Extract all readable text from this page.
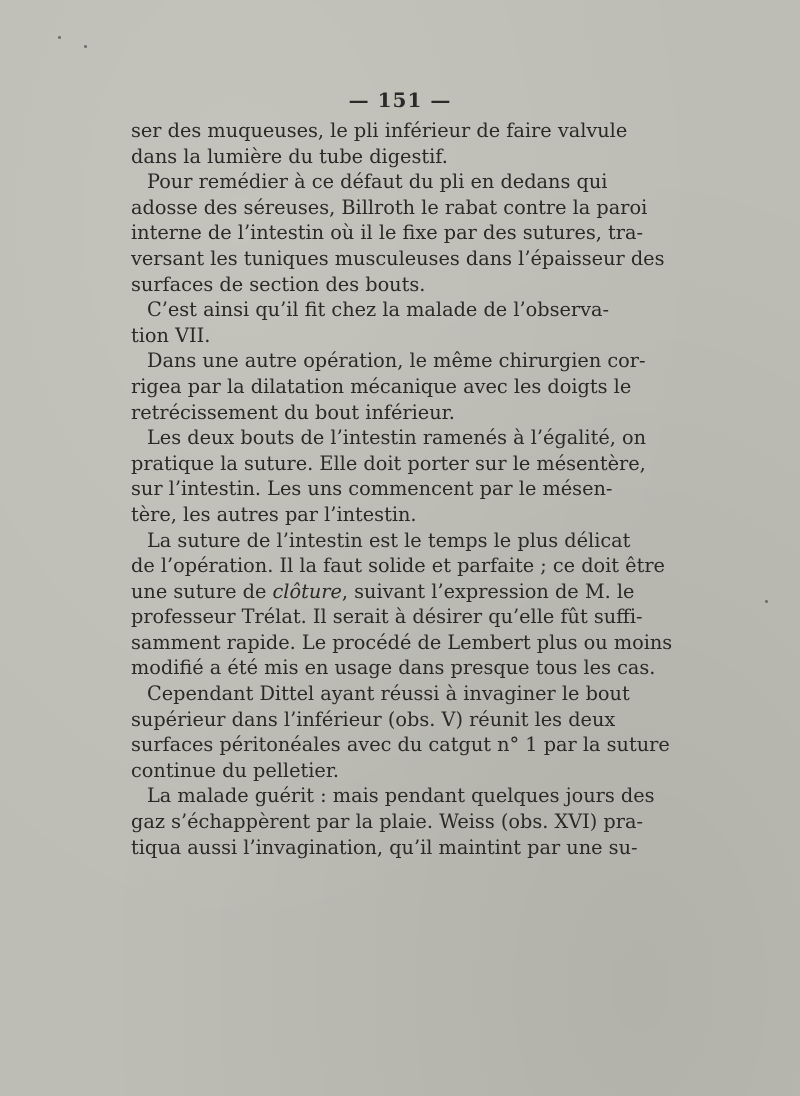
— 151 —
ser des muqueuses, le pli inférieur de faire valvule
dans la lumière du tube digestif.
Pour remédier à ce défaut du pli en dedans qui
adosse des séreuses, Billroth le rabat contre la paroi
interne de l’intestin où il le fixe par des sutures, tra-
versant les tuniques musculeuses dans l’épaisseur des
surfaces de section des bouts.
C’est ainsi qu’il fit chez la malade de l’observa-
tion VII.
Dans une autre opération, le même chirurgien cor-
rigea par la dilatation mécanique avec les doigts le
retrécissement du bout inférieur.
Les deux bouts de l’intestin ramenés à l’égalité, on
pratique la suture. Elle doit porter sur le mésentère,
sur l’intestin. Les uns commencent par le mésen-
tère, les autres par l’intestin.
La suture de l’intestin est le temps le plus délicat
de l’opération. Il la faut solide et parfaite ; ce doit être
une suture de clôture, suivant l’expression de M. le
professeur Trélat. Il serait à désirer qu’elle fût suffi-
samment rapide. Le procédé de Lembert plus ou moins
modifié a été mis en usage dans presque tous les cas.
Cependant Dittel ayant réussi à invaginer le bout
supérieur dans l’inférieur (obs. V) réunit les deux
surfaces péritonéales avec du catgut n° 1 par la suture
continue du pelletier.
La malade guérit : mais pendant quelques jours des
gaz s’échappèrent par la plaie. Weiss (obs. XVI) pra-
tiqua aussi l’invagination, qu’il maintint par une su-
